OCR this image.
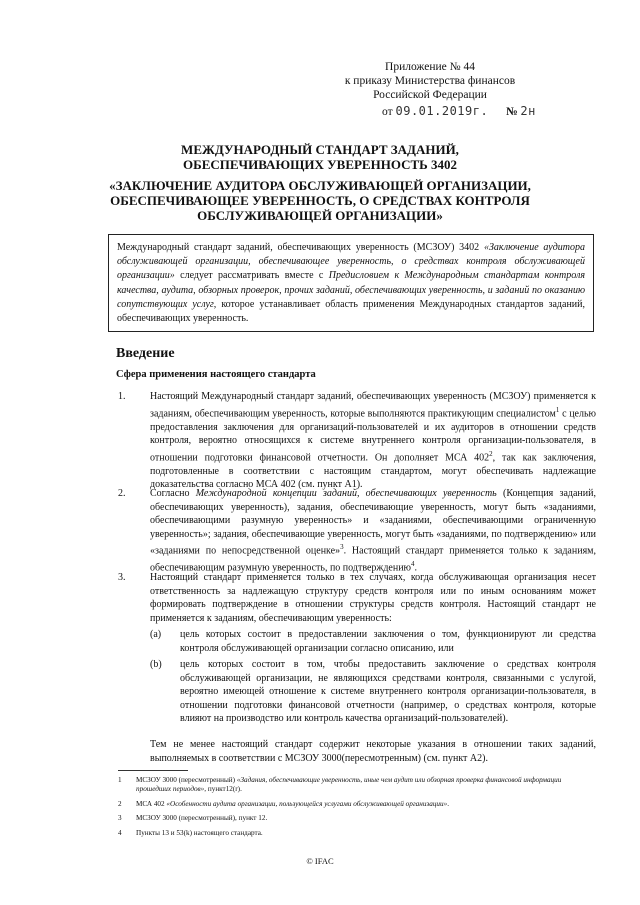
Приложение № 44
к приказу Министерства финансов
Российской Федерации
от 09.01.2019г. № 2н
МЕЖДУНАРОДНЫЙ СТАНДАРТ ЗАДАНИЙ,
ОБЕСПЕЧИВАЮЩИХ УВЕРЕННОСТЬ 3402
«ЗАКЛЮЧЕНИЕ АУДИТОРА ОБСЛУЖИВАЮЩЕЙ ОРГАНИЗАЦИИ,
ОБЕСПЕЧИВАЮЩЕЕ УВЕРЕННОСТЬ, О СРЕДСТВАХ КОНТРОЛЯ
ОБСЛУЖИВАЮЩЕЙ ОРГАНИЗАЦИИ»
Международный стандарт заданий, обеспечивающих уверенность (МСЗОУ) 3402 «Заключение аудитора обслуживающей организации, обеспечивающее уверенность, о средствах контроля обслуживающей организации» следует рассматривать вместе с Предисловием к Международным стандартам контроля качества, аудита, обзорных проверок, прочих заданий, обеспечивающих уверенность, и заданий по оказанию сопутствующих услуг, которое устанавливает область применения Международных стандартов заданий, обеспечивающих уверенность.
Введение
Сфера применения настоящего стандарта
1.	Настоящий Международный стандарт заданий, обеспечивающих уверенность (МСЗОУ) применяется к заданиям, обеспечивающим уверенность, которые выполняются практикующим специалистом$^1$ с целью предоставления заключения для организаций-пользователей и их аудиторов в отношении средств контроля, вероятно относящихся к системе внутреннего контроля организации-пользователя, в отношении подготовки финансовой отчетности. Он дополняет МСА $402^2$, так как заключения, подготовленные в соответствии с настоящим стандартом, могут обеспечивать надлежащие доказательства согласно МСА 402 (см. пункт А1).
2.	Согласно Международной концепции заданий, обеспечивающих уверенность (Концепция заданий, обеспечивающих уверенность), задания, обеспечивающие уверенность, могут быть «заданиями, обеспечивающими разумную уверенность» и «заданиями, обеспечивающими ограниченную уверенность»; задания, обеспечивающие уверенность, могут быть «заданиями, по подтверждению» или «заданиями по непосредственной оценке»$^3$. Настоящий стандарт применяется только к заданиям, обеспечивающим разумную уверенность, по подтверждению$^4$.
3.	Настоящий стандарт применяется только в тех случаях, когда обслуживающая организация несет ответственность за надлежащую структуру средств контроля или по иным основаниям может формировать подтверждение в отношении структуры средств контроля. Настоящий стандарт не применяется к заданиям, обеспечивающим уверенность:
(a) цель которых состоит в предоставлении заключения о том, функционируют ли средства контроля обслуживающей организации согласно описанию, или
(b) цель которых состоит в том, чтобы предоставить заключение о средствах контроля обслуживающей организации, не являющихся средствами контроля, связанными с услугой, вероятно имеющей отношение к системе внутреннего контроля организации-пользователя, в отношении подготовки финансовой отчетности (например, о средствах контроля, которые влияют на производство или контроль качества организаций-пользователей).
Тем не менее настоящий стандарт содержит некоторые указания в отношении таких заданий, выполняемых в соответствии с МСЗОУ 3000(пересмотренным) (см. пункт А2).
1 МСЗОУ 3000 (пересмотренный) «Задания, обеспечивающие уверенность, иные чем аудит или обзорная проверка финансовой информации прошедших периодов», пункт12(r).
2 МСА 402 «Особенности аудита организации, пользующейся услугами обслуживающей организации».
3 МСЗОУ 3000 (пересмотренный), пункт 12.
4 Пункты 13 и 53(k) настоящего стандарта.
© IFAC
